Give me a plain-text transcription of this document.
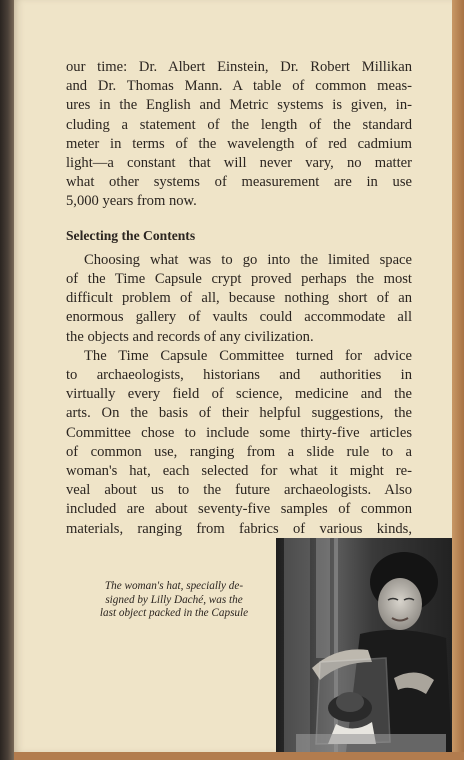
our time: Dr. Albert Einstein, Dr. Robert Millikan
and Dr. Thomas Mann. A table of common meas-
ures in the English and Metric systems is given, in-
cluding a statement of the length of the standard
meter in terms of the wavelength of red cadmium
light—a constant that will never vary, no matter
what other systems of measurement are in use
5,000 years from now.
Selecting the Contents
Choosing what was to go into the limited space
of the Time Capsule crypt proved perhaps the most
difficult problem of all, because nothing short of an
enormous gallery of vaults could accommodate all
the objects and records of any civilization.
The Time Capsule Committee turned for advice
to archaeologists, historians and authorities in
virtually every field of science, medicine and the
arts. On the basis of their helpful suggestions, the
Committee chose to include some thirty-five articles
of common use, ranging from a slide rule to a
woman's hat, each selected for what it might re-
veal about us to the future archaeologists. Also
included are about seventy-five samples of common
materials, ranging from fabrics of various kinds,
The woman's hat, specially de-
signed by Lilly Daché, was the
last object packed in the Capsule
